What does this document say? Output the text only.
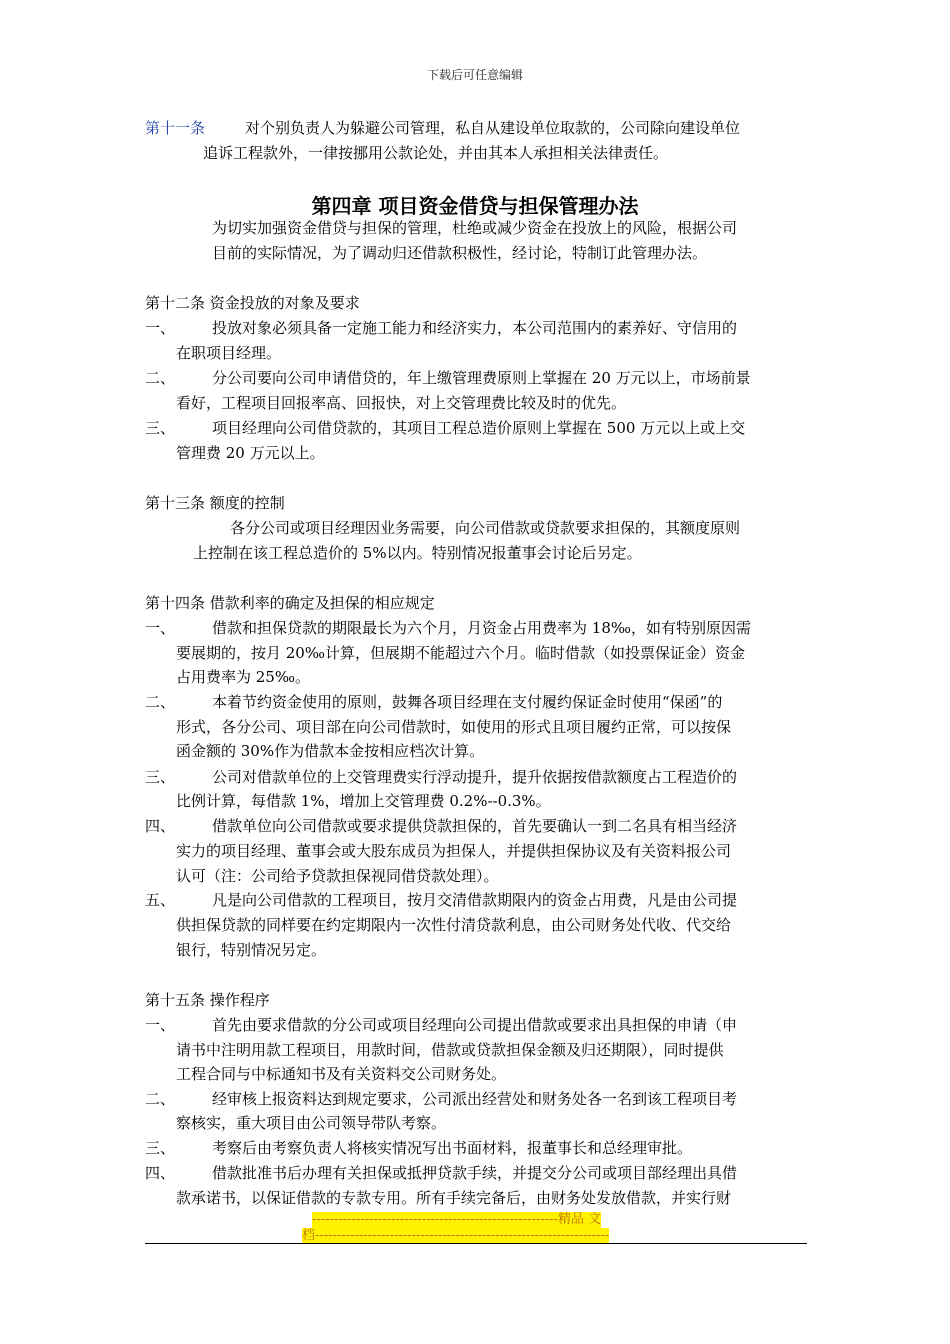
下载后可任意编辑
第十一条	对个别负责人为躲避公司管理，私自从建设单位取款的，公司除向建设单位
追诉工程款外，一律按挪用公款论处，并由其本人承担相关法律责任。
第四章 项目资金借贷与担保管理办法
为切实加强资金借贷与担保的管理，杜绝或减少资金在投放上的风险，根据公司
目前的实际情况，为了调动归还借款积极性，经讨论，特制订此管理办法。
第十二条 资金投放的对象及要求
一、 投放对象必须具备一定施工能力和经济实力，本公司范围内的素养好、守信用的
在职项目经理。
二、 分公司要向公司申请借贷的，年上缴管理费原则上掌握在 20 万元以上，市场前景
看好，工程项目回报率高、回报快，对上交管理费比较及时的优先。
三、 项目经理向公司借贷款的，其项目工程总造价原则上掌握在 500 万元以上或上交
管理费 20 万元以上。
第十三条 额度的控制
各分公司或项目经理因业务需要，向公司借款或贷款要求担保的，其额度原则
上控制在该工程总造价的 5%以内。特别情况报董事会讨论后另定。
第十四条 借款利率的确定及担保的相应规定
一、 借款和担保贷款的期限最长为六个月，月资金占用费率为 18‰，如有特别原因需
要展期的，按月 20‰计算，但展期不能超过六个月。临时借款（如投票保证金）资金
占用费率为 25‰。
二、 本着节约资金使用的原则，鼓舞各项目经理在支付履约保证金时使用“保函”的
形式，各分公司、项目部在向公司借款时，如使用的形式且项目履约正常，可以按保
函金额的 30%作为借款本金按相应档次计算。
三、 公司对借款单位的上交管理费实行浮动提升，提升依据按借款额度占工程造价的
比例计算，每借款 1%，增加上交管理费 0.2%--0.3%。
四、 借款单位向公司借款或要求提供贷款担保的，首先要确认一到二名具有相当经济
实力的项目经理、董事会或大股东成员为担保人，并提供担保协议及有关资料报公司
认可（注：公司给予贷款担保视同借贷款处理）。
五、 凡是向公司借款的工程项目，按月交清借款期限内的资金占用费，凡是由公司提
供担保贷款的同样要在约定期限内一次性付清贷款利息，由公司财务处代收、代交给
银行，特别情况另定。
第十五条 操作程序
一、 首先由要求借款的分公司或项目经理向公司提出借款或要求出具担保的申请（申
请书中注明用款工程项目，用款时间，借款或贷款担保金额及归还期限），同时提供
工程合同与中标通知书及有关资料交公司财务处。
二、 经审核上报资料达到规定要求，公司派出经营处和财务处各一名到该工程项目考
察核实，重大项目由公司领导带队考察。
三、 考察后由考察负责人将核实情况写出书面材料，报董事长和总经理审批。
四、 借款批准书后办理有关担保或抵押贷款手续，并提交分公司或项目部经理出具借
款承诺书，以保证借款的专款专用。所有手续完备后，由财务处发放借款，并实行财
--------------------------------------------------------精品 文
档-------------------------------------------------------------------
